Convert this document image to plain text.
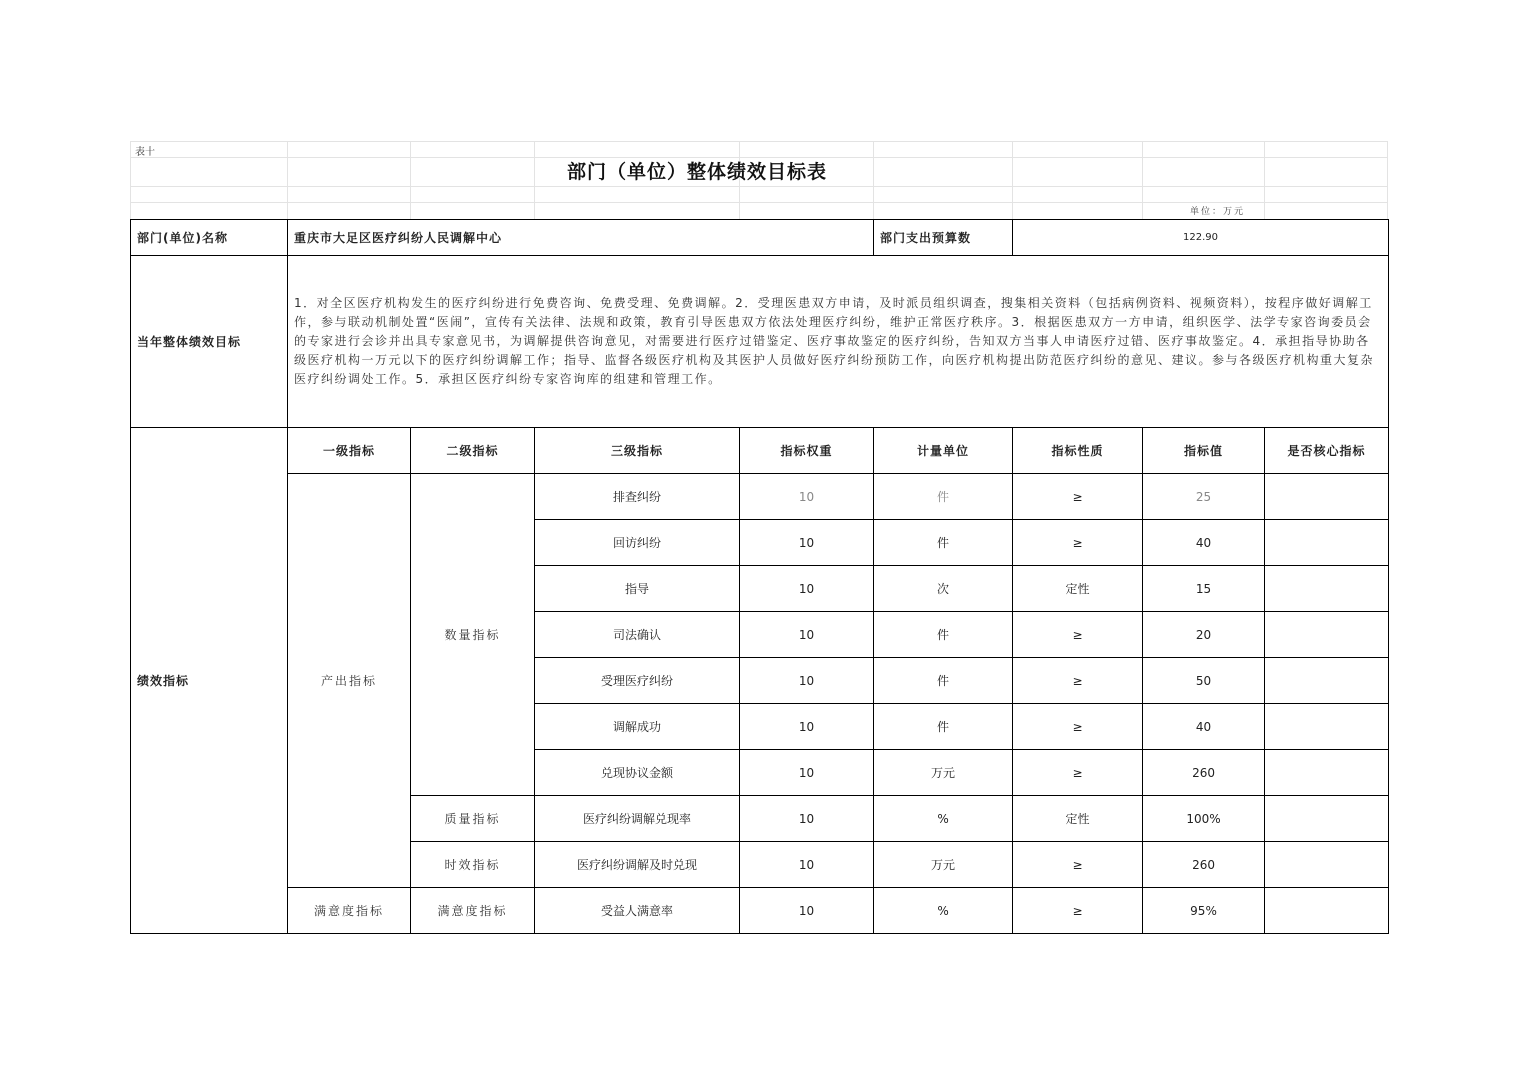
表十
部门（单位）整体绩效目标表
单位：万元
部门(单位)名称	重庆市大足区医疗纠纷人民调解中心				部门支出预算数	122.90		
当年整体绩效目标	1．对全区医疗机构发生的医疗纠纷进行免费咨询、免费受理、免费调解。2．受理医患双方申请，及时派员组织调查，搜集相关资料（包括病例资料、视频资料），按程序做好调解工作，参与联动机制处置“医闹”，宣传有关法律、法规和政策，教育引导医患双方依法处理医疗纠纷，维护正常医疗秩序。3．根据医患双方一方申请，组织医学、法学专家咨询委员会的专家进行会诊并出具专家意见书，为调解提供咨询意见，对需要进行医疗过错鉴定、医疗事故鉴定的医疗纠纷，告知双方当事人申请医疗过错、医疗事故鉴定。4．承担指导协助各级医疗机构一万元以下的医疗纠纷调解工作；指导、监督各级医疗机构及其医护人员做好医疗纠纷预防工作，向医疗机构提出防范医疗纠纷的意见、建议。参与各级医疗机构重大复杂医疗纠纷调处工作。5．承担区医疗纠纷专家咨询库的组建和管理工作。							
绩效指标	一级指标	二级指标	三级指标	指标权重	计量单位	指标性质	指标值	是否核心指标
	产出指标	数量指标	排查纠纷	10	件	≥	25	
			回访纠纷	10	件	≥	40	
			指导	10	次	定性	15	
			司法确认	10	件	≥	20	
			受理医疗纠纷	10	件	≥	50	
			调解成功	10	件	≥	40	
			兑现协议金额	10	万元	≥	260	
		质量指标	医疗纠纷调解兑现率	10	%	定性	100%	
		时效指标	医疗纠纷调解及时兑现	10	万元	≥	260	
	满意度指标	满意度指标	受益人满意率	10	%	≥	95%	
